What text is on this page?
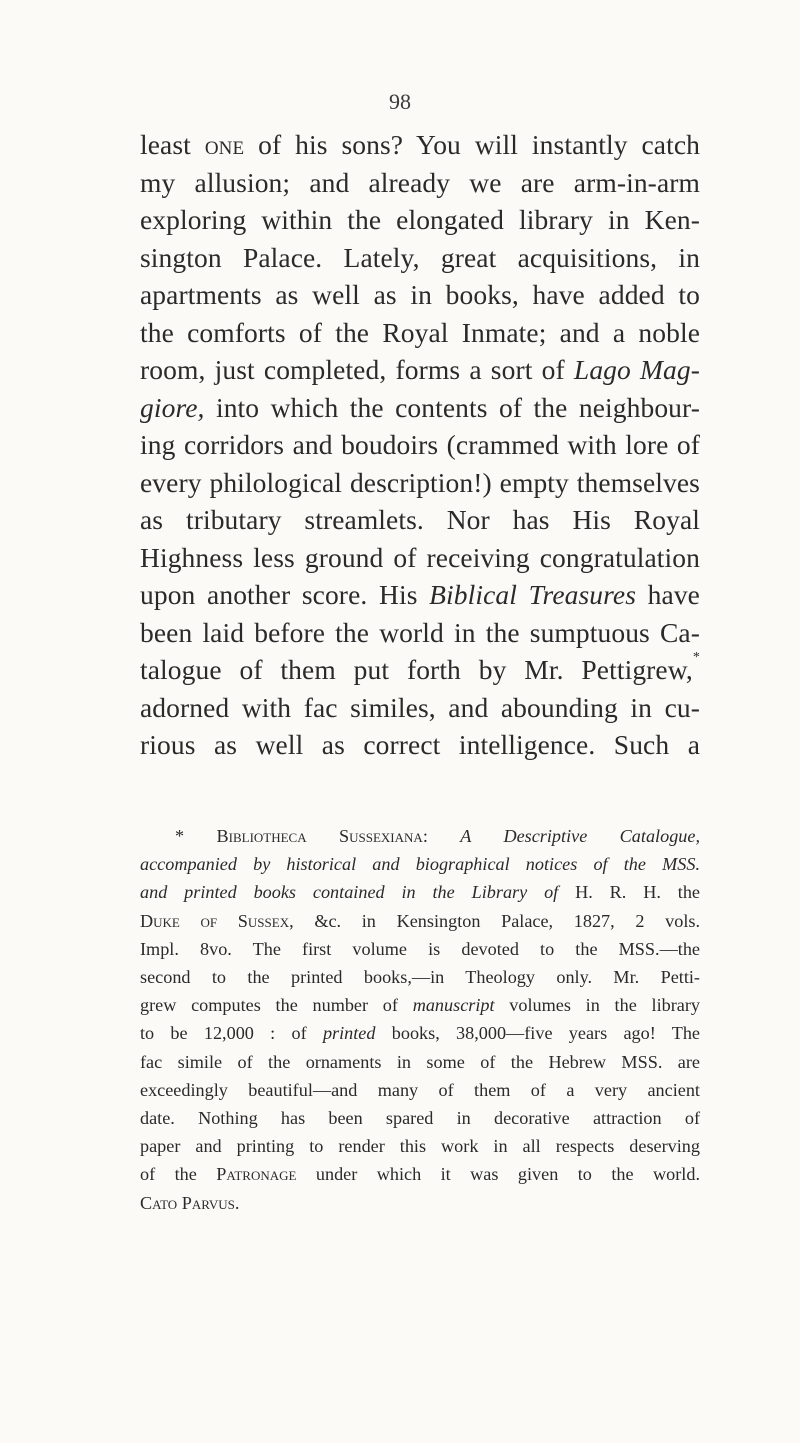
98
least one of his sons? You will instantly catch
my allusion; and already we are arm-in-arm
exploring within the elongated library in Ken-
sington Palace. Lately, great acquisitions, in
apartments as well as in books, have added to
the comforts of the Royal Inmate; and a noble
room, just completed, forms a sort of Lago Mag-
giore, into which the contents of the neighbour-
ing corridors and boudoirs (crammed with lore of
every philological description!) empty themselves
as tributary streamlets. Nor has His Royal
Highness less ground of receiving congratulation
upon another score. His Biblical Treasures have
been laid before the world in the sumptuous Ca-
talogue of them put forth by Mr. Pettigrew,*
adorned with fac similes, and abounding in cu-
rious as well as correct intelligence. Such a
* Bibliotheca Sussexiana: A Descriptive Catalogue,
accompanied by historical and biographical notices of the MSS.
and printed books contained in the Library of H. R. H. the
Duke of Sussex, &c. in Kensington Palace, 1827, 2 vols.
Impl. 8vo. The first volume is devoted to the MSS.—the
second to the printed books,—in Theology only. Mr. Petti-
grew computes the number of manuscript volumes in the library
to be 12,000 : of printed books, 38,000—five years ago! The
fac simile of the ornaments in some of the Hebrew MSS. are
exceedingly beautiful—and many of them of a very ancient
date. Nothing has been spared in decorative attraction of
paper and printing to render this work in all respects deserving
of the Patronage under which it was given to the world.
Cato Parvus.
